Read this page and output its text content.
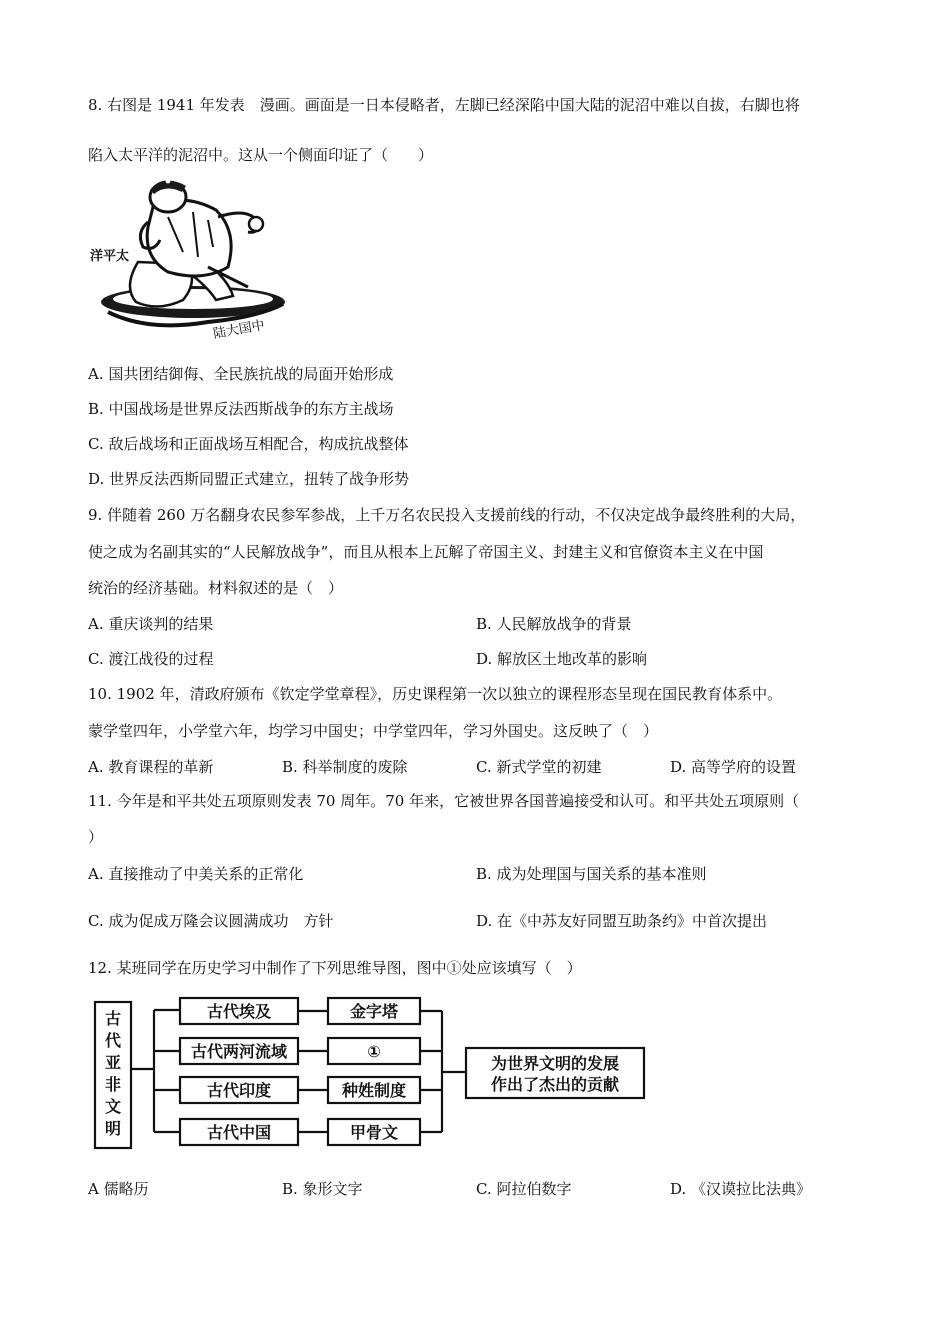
8. 右图是 1941 年发表　漫画。画面是一日本侵略者，左脚已经深陷中国大陆的泥沼中难以自拔，右脚也将
陷入太平洋的泥沼中。这从一个侧面印证了（　　）
洋平太
陆大国中
A. 国共团结御侮、全民族抗战的局面开始形成
B. 中国战场是世界反法西斯战争的东方主战场
C. 敌后战场和正面战场互相配合，构成抗战整体
D. 世界反法西斯同盟正式建立，扭转了战争形势
9. 伴随着 260 万名翻身农民参军参战，上千万名农民投入支援前线的行动，不仅决定战争最终胜利的大局，
使之成为名副其实的“人民解放战争”，而且从根本上瓦解了帝国主义、封建主义和官僚资本主义在中国
统治的经济基础。材料叙述的是（　）
A. 重庆谈判的结果	B. 人民解放战争的背景
C. 渡江战役的过程	D. 解放区土地改革的影响
10. 1902 年，清政府颁布《钦定学堂章程》，历史课程第一次以独立的课程形态呈现在国民教育体系中。
蒙学堂四年，小学堂六年，均学习中国史；中学堂四年，学习外国史。这反映了（　）
A. 教育课程的革新	B. 科举制度的废除	C. 新式学堂的初建	D. 高等学府的设置
11. 今年是和平共处五项原则发表 70 周年。70 年来，它被世界各国普遍接受和认可。和平共处五项原则（
）
A. 直接推动了中美关系的正常化	B. 成为处理国与国关系的基本准则
C. 成为促成万隆会议圆满成功　方针	D. 在《中苏友好同盟互助条约》中首次提出
12. 某班同学在历史学习中制作了下列思维导图，图中①处应该填写（　）
古
代
亚
非
文
明
古代埃及
古代两河流域
古代印度
古代中国
金字塔
①
种姓制度
甲骨文
为世界文明的发展
作出了杰出的贡献
A 儒略历	B. 象形文字	C. 阿拉伯数字	D. 《汉谟拉比法典》
